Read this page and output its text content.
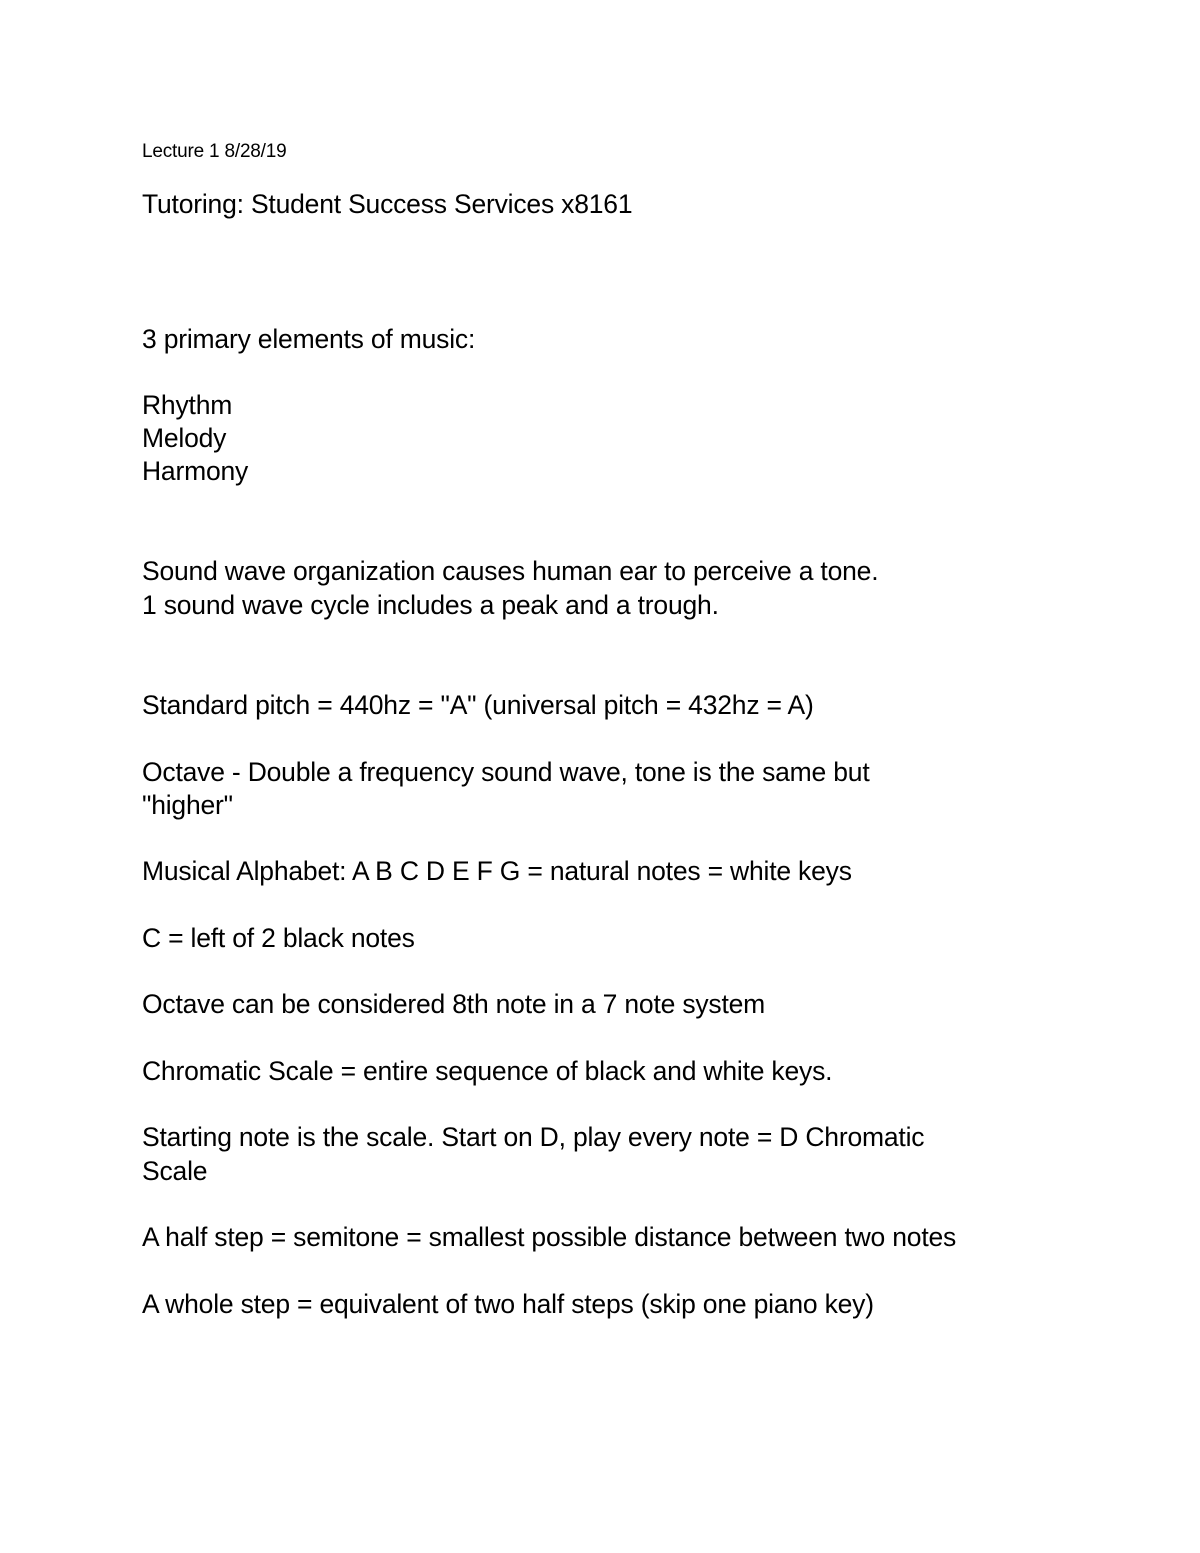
Lecture 1 8/28/19

Tutoring: Student Success Services x8161

3 primary elements of music:

Rhythm

Melody

Harmony

Sound wave organization causes human ear to perceive a tone.

1 sound wave cycle includes a peak and a trough.

Standard pitch = 440hz = "A" (universal pitch = 432hz = A)

Octave - Double a frequency sound wave, tone is the same but

"higher"

Musical Alphabet: A B C D E F G = natural notes = white keys

C = left of 2 black notes

Octave can be considered 8th note in a 7 note system

Chromatic Scale = entire sequence of black and white keys.

Starting note is the scale. Start on D, play every note = D Chromatic

Scale

A half step = semitone = smallest possible distance between two notes

A whole step = equivalent of two half steps (skip one piano key)
